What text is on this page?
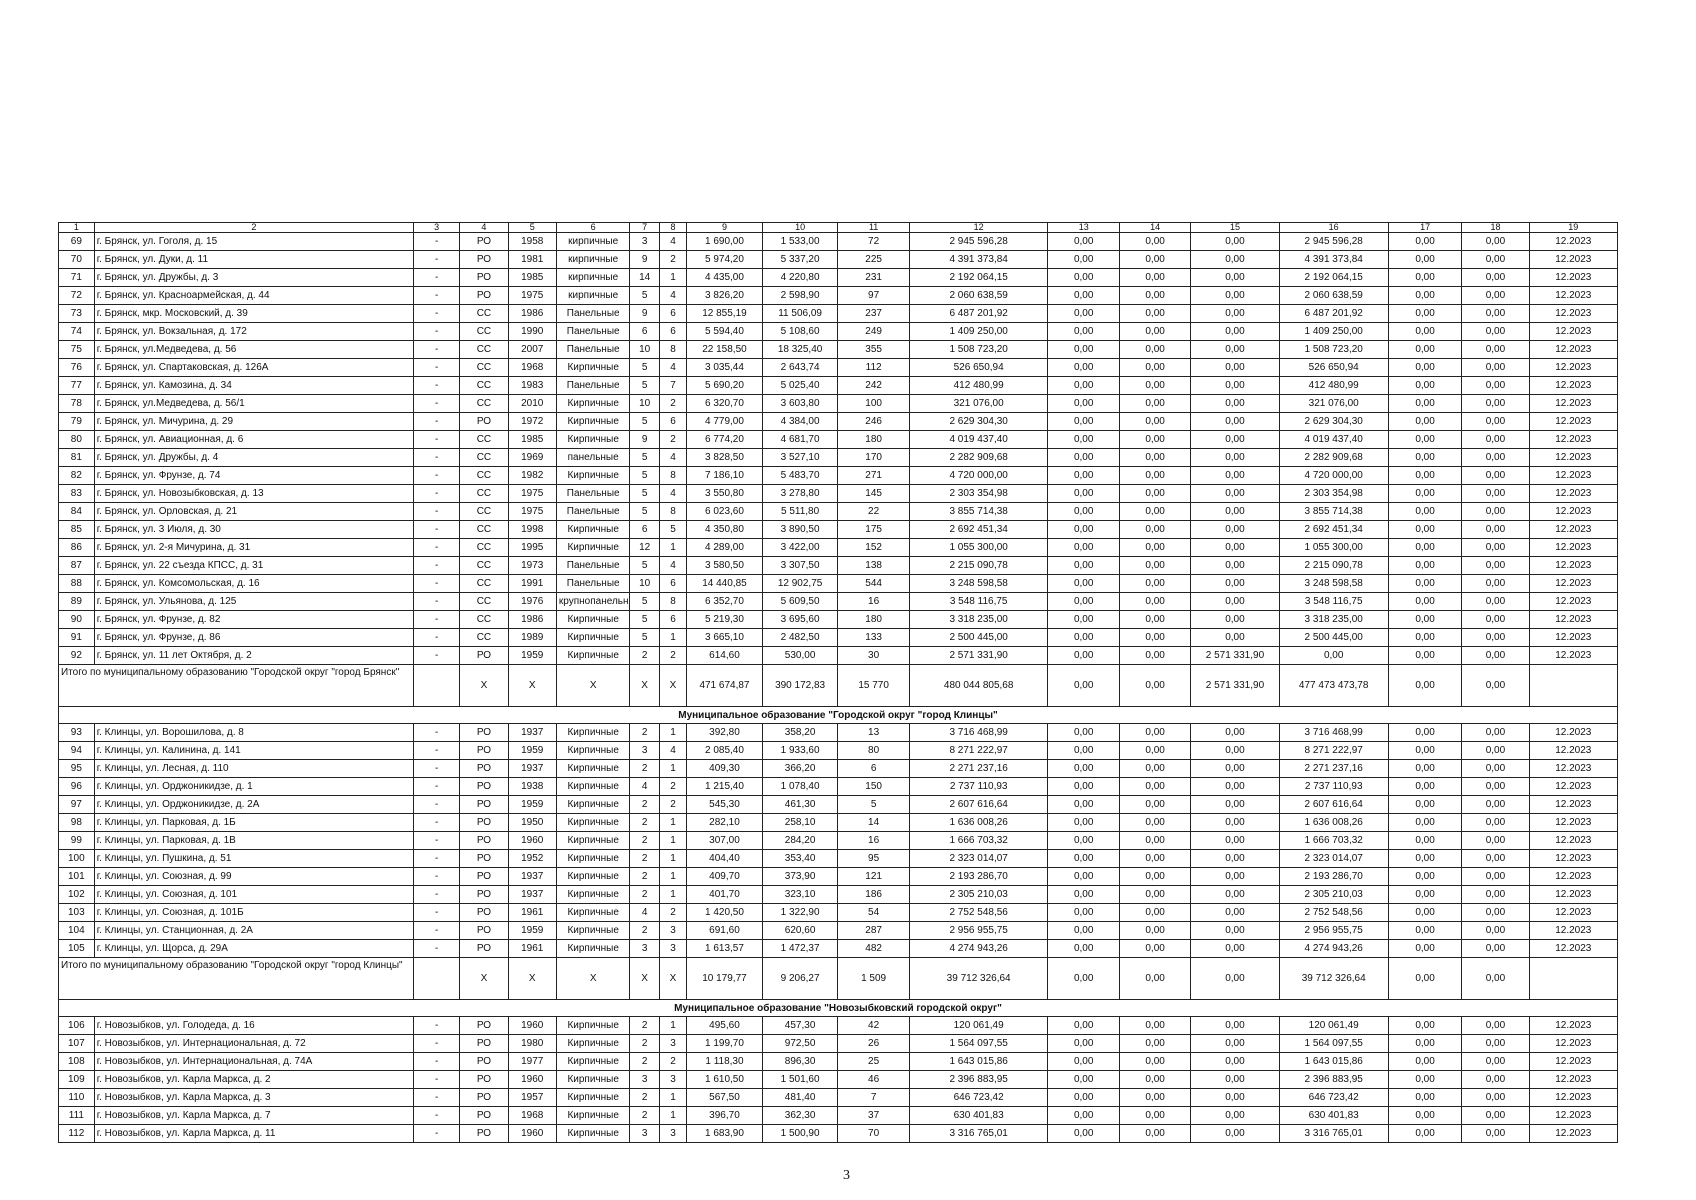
1	2	3	4	5	6	7	8	9	10	11	12	13	14	15	16	17	18	19
69	г. Брянск, ул. Гоголя, д. 15	-	РО	1958	кирпичные	3	4	1 690,00	1 533,00	72	2 945 596,28	0,00	0,00	0,00	2 945 596,28	0,00	0,00	12.2023
70	г. Брянск, ул. Дуки, д. 11	-	РО	1981	кирпичные	9	2	5 974,20	5 337,20	225	4 391 373,84	0,00	0,00	0,00	4 391 373,84	0,00	0,00	12.2023
71	г. Брянск, ул. Дружбы, д. 3	-	РО	1985	кирпичные	14	1	4 435,00	4 220,80	231	2 192 064,15	0,00	0,00	0,00	2 192 064,15	0,00	0,00	12.2023
72	г. Брянск, ул. Красноармейская, д. 44	-	РО	1975	кирпичные	5	4	3 826,20	2 598,90	97	2 060 638,59	0,00	0,00	0,00	2 060 638,59	0,00	0,00	12.2023
73	г. Брянск, мкр. Московский, д. 39	-	СС	1986	Панельные	9	6	12 855,19	11 506,09	237	6 487 201,92	0,00	0,00	0,00	6 487 201,92	0,00	0,00	12.2023
74	г. Брянск, ул. Вокзальная, д. 172	-	СС	1990	Панельные	6	6	5 594,40	5 108,60	249	1 409 250,00	0,00	0,00	0,00	1 409 250,00	0,00	0,00	12.2023
75	г. Брянск, ул.Медведева, д. 56	-	СС	2007	Панельные	10	8	22 158,50	18 325,40	355	1 508 723,20	0,00	0,00	0,00	1 508 723,20	0,00	0,00	12.2023
76	г. Брянск, ул. Спартаковская, д. 126А	-	СС	1968	Кирпичные	5	4	3 035,44	2 643,74	112	526 650,94	0,00	0,00	0,00	526 650,94	0,00	0,00	12.2023
77	г. Брянск, ул. Камозина, д. 34	-	СС	1983	Панельные	5	7	5 690,20	5 025,40	242	412 480,99	0,00	0,00	0,00	412 480,99	0,00	0,00	12.2023
78	г. Брянск, ул.Медведева, д. 56/1	-	СС	2010	Кирпичные	10	2	6 320,70	3 603,80	100	321 076,00	0,00	0,00	0,00	321 076,00	0,00	0,00	12.2023
79	г. Брянск, ул. Мичурина, д. 29	-	РО	1972	Кирпичные	5	6	4 779,00	4 384,00	246	2 629 304,30	0,00	0,00	0,00	2 629 304,30	0,00	0,00	12.2023
80	г. Брянск, ул. Авиационная, д. 6	-	СС	1985	Кирпичные	9	2	6 774,20	4 681,70	180	4 019 437,40	0,00	0,00	0,00	4 019 437,40	0,00	0,00	12.2023
81	г. Брянск, ул. Дружбы, д. 4	-	СС	1969	панельные	5	4	3 828,50	3 527,10	170	2 282 909,68	0,00	0,00	0,00	2 282 909,68	0,00	0,00	12.2023
82	г. Брянск, ул. Фрунзе, д. 74	-	СС	1982	Кирпичные	5	8	7 186,10	5 483,70	271	4 720 000,00	0,00	0,00	0,00	4 720 000,00	0,00	0,00	12.2023
83	г. Брянск, ул. Новозыбковская, д. 13	-	СС	1975	Панельные	5	4	3 550,80	3 278,80	145	2 303 354,98	0,00	0,00	0,00	2 303 354,98	0,00	0,00	12.2023
84	г. Брянск, ул. Орловская, д. 21	-	СС	1975	Панельные	5	8	6 023,60	5 511,80	22	3 855 714,38	0,00	0,00	0,00	3 855 714,38	0,00	0,00	12.2023
85	г. Брянск, ул. 3 Июля, д. 30	-	СС	1998	Кирпичные	6	5	4 350,80	3 890,50	175	2 692 451,34	0,00	0,00	0,00	2 692 451,34	0,00	0,00	12.2023
86	г. Брянск, ул. 2-я Мичурина, д. 31	-	СС	1995	Кирпичные	12	1	4 289,00	3 422,00	152	1 055 300,00	0,00	0,00	0,00	1 055 300,00	0,00	0,00	12.2023
87	г. Брянск, ул. 22 съезда КПСС, д. 31	-	СС	1973	Панельные	5	4	3 580,50	3 307,50	138	2 215 090,78	0,00	0,00	0,00	2 215 090,78	0,00	0,00	12.2023
88	г. Брянск, ул. Комсомольская, д. 16	-	СС	1991	Панельные	10	6	14 440,85	12 902,75	544	3 248 598,58	0,00	0,00	0,00	3 248 598,58	0,00	0,00	12.2023
89	г. Брянск, ул. Ульянова, д. 125	-	СС	1976	крупнопанельн	5	8	6 352,70	5 609,50	16	3 548 116,75	0,00	0,00	0,00	3 548 116,75	0,00	0,00	12.2023
90	г. Брянск, ул. Фрунзе, д. 82	-	СС	1986	Кирпичные	5	6	5 219,30	3 695,60	180	3 318 235,00	0,00	0,00	0,00	3 318 235,00	0,00	0,00	12.2023
91	г. Брянск, ул. Фрунзе, д. 86	-	СС	1989	Кирпичные	5	1	3 665,10	2 482,50	133	2 500 445,00	0,00	0,00	0,00	2 500 445,00	0,00	0,00	12.2023
92	г. Брянск, ул. 11 лет Октября, д. 2	-	РО	1959	Кирпичные	2	2	614,60	530,00	30	2 571 331,90	0,00	0,00	2 571 331,90	0,00	0,00	0,00	12.2023
Итого по муниципальному образованию "Городской округ "город Брянск"			X	X	X	X	X	471 674,87	390 172,83	15 770	480 044 805,68	0,00	0,00	2 571 331,90	477 473 473,78	0,00	0,00	
Муниципальное образование "Городской округ "город Клинцы"																		
93	г. Клинцы, ул. Ворошилова, д. 8	-	РО	1937	Кирпичные	2	1	392,80	358,20	13	3 716 468,99	0,00	0,00	0,00	3 716 468,99	0,00	0,00	12.2023
94	г. Клинцы, ул. Калинина, д. 141	-	РО	1959	Кирпичные	3	4	2 085,40	1 933,60	80	8 271 222,97	0,00	0,00	0,00	8 271 222,97	0,00	0,00	12.2023
95	г. Клинцы, ул. Лесная, д. 110	-	РО	1937	Кирпичные	2	1	409,30	366,20	6	2 271 237,16	0,00	0,00	0,00	2 271 237,16	0,00	0,00	12.2023
96	г. Клинцы, ул. Орджоникидзе, д. 1	-	РО	1938	Кирпичные	4	2	1 215,40	1 078,40	150	2 737 110,93	0,00	0,00	0,00	2 737 110,93	0,00	0,00	12.2023
97	г. Клинцы, ул. Орджоникидзе, д. 2А	-	РО	1959	Кирпичные	2	2	545,30	461,30	5	2 607 616,64	0,00	0,00	0,00	2 607 616,64	0,00	0,00	12.2023
98	г. Клинцы, ул. Парковая, д. 1Б	-	РО	1950	Кирпичные	2	1	282,10	258,10	14	1 636 008,26	0,00	0,00	0,00	1 636 008,26	0,00	0,00	12.2023
99	г. Клинцы, ул. Парковая, д. 1В	-	РО	1960	Кирпичные	2	1	307,00	284,20	16	1 666 703,32	0,00	0,00	0,00	1 666 703,32	0,00	0,00	12.2023
100	г. Клинцы, ул. Пушкина, д. 51	-	РО	1952	Кирпичные	2	1	404,40	353,40	95	2 323 014,07	0,00	0,00	0,00	2 323 014,07	0,00	0,00	12.2023
101	г. Клинцы, ул. Союзная, д. 99	-	РО	1937	Кирпичные	2	1	409,70	373,90	121	2 193 286,70	0,00	0,00	0,00	2 193 286,70	0,00	0,00	12.2023
102	г. Клинцы, ул. Союзная, д. 101	-	РО	1937	Кирпичные	2	1	401,70	323,10	186	2 305 210,03	0,00	0,00	0,00	2 305 210,03	0,00	0,00	12.2023
103	г. Клинцы, ул. Союзная, д. 101Б	-	РО	1961	Кирпичные	4	2	1 420,50	1 322,90	54	2 752 548,56	0,00	0,00	0,00	2 752 548,56	0,00	0,00	12.2023
104	г. Клинцы, ул. Станционная, д. 2А	-	РО	1959	Кирпичные	2	3	691,60	620,60	287	2 956 955,75	0,00	0,00	0,00	2 956 955,75	0,00	0,00	12.2023
105	г. Клинцы, ул. Щорса, д. 29А	-	РО	1961	Кирпичные	3	3	1 613,57	1 472,37	482	4 274 943,26	0,00	0,00	0,00	4 274 943,26	0,00	0,00	12.2023
Итого по муниципальному образованию "Городской округ "город Клинцы"			X	X	X	X	X	10 179,77	9 206,27	1 509	39 712 326,64	0,00	0,00	0,00	39 712 326,64	0,00	0,00	
Муниципальное образование "Новозыбковский городской округ"																		
106	г. Новозыбков, ул. Голодеда, д. 16	-	РО	1960	Кирпичные	2	1	495,60	457,30	42	120 061,49	0,00	0,00	0,00	120 061,49	0,00	0,00	12.2023
107	г. Новозыбков, ул. Интернациональная, д. 72	-	РО	1980	Кирпичные	2	3	1 199,70	972,50	26	1 564 097,55	0,00	0,00	0,00	1 564 097,55	0,00	0,00	12.2023
108	г. Новозыбков, ул. Интернациональная, д. 74А	-	РО	1977	Кирпичные	2	2	1 118,30	896,30	25	1 643 015,86	0,00	0,00	0,00	1 643 015,86	0,00	0,00	12.2023
109	г. Новозыбков, ул. Карла Маркса, д. 2	-	РО	1960	Кирпичные	3	3	1 610,50	1 501,60	46	2 396 883,95	0,00	0,00	0,00	2 396 883,95	0,00	0,00	12.2023
110	г. Новозыбков, ул. Карла Маркса, д. 3	-	РО	1957	Кирпичные	2	1	567,50	481,40	7	646 723,42	0,00	0,00	0,00	646 723,42	0,00	0,00	12.2023
111	г. Новозыбков, ул. Карла Маркса, д. 7	-	РО	1968	Кирпичные	2	1	396,70	362,30	37	630 401,83	0,00	0,00	0,00	630 401,83	0,00	0,00	12.2023
112	г. Новозыбков, ул. Карла Маркса, д. 11	-	РО	1960	Кирпичные	3	3	1 683,90	1 500,90	70	3 316 765,01	0,00	0,00	0,00	3 316 765,01	0,00	0,00	12.2023
3
